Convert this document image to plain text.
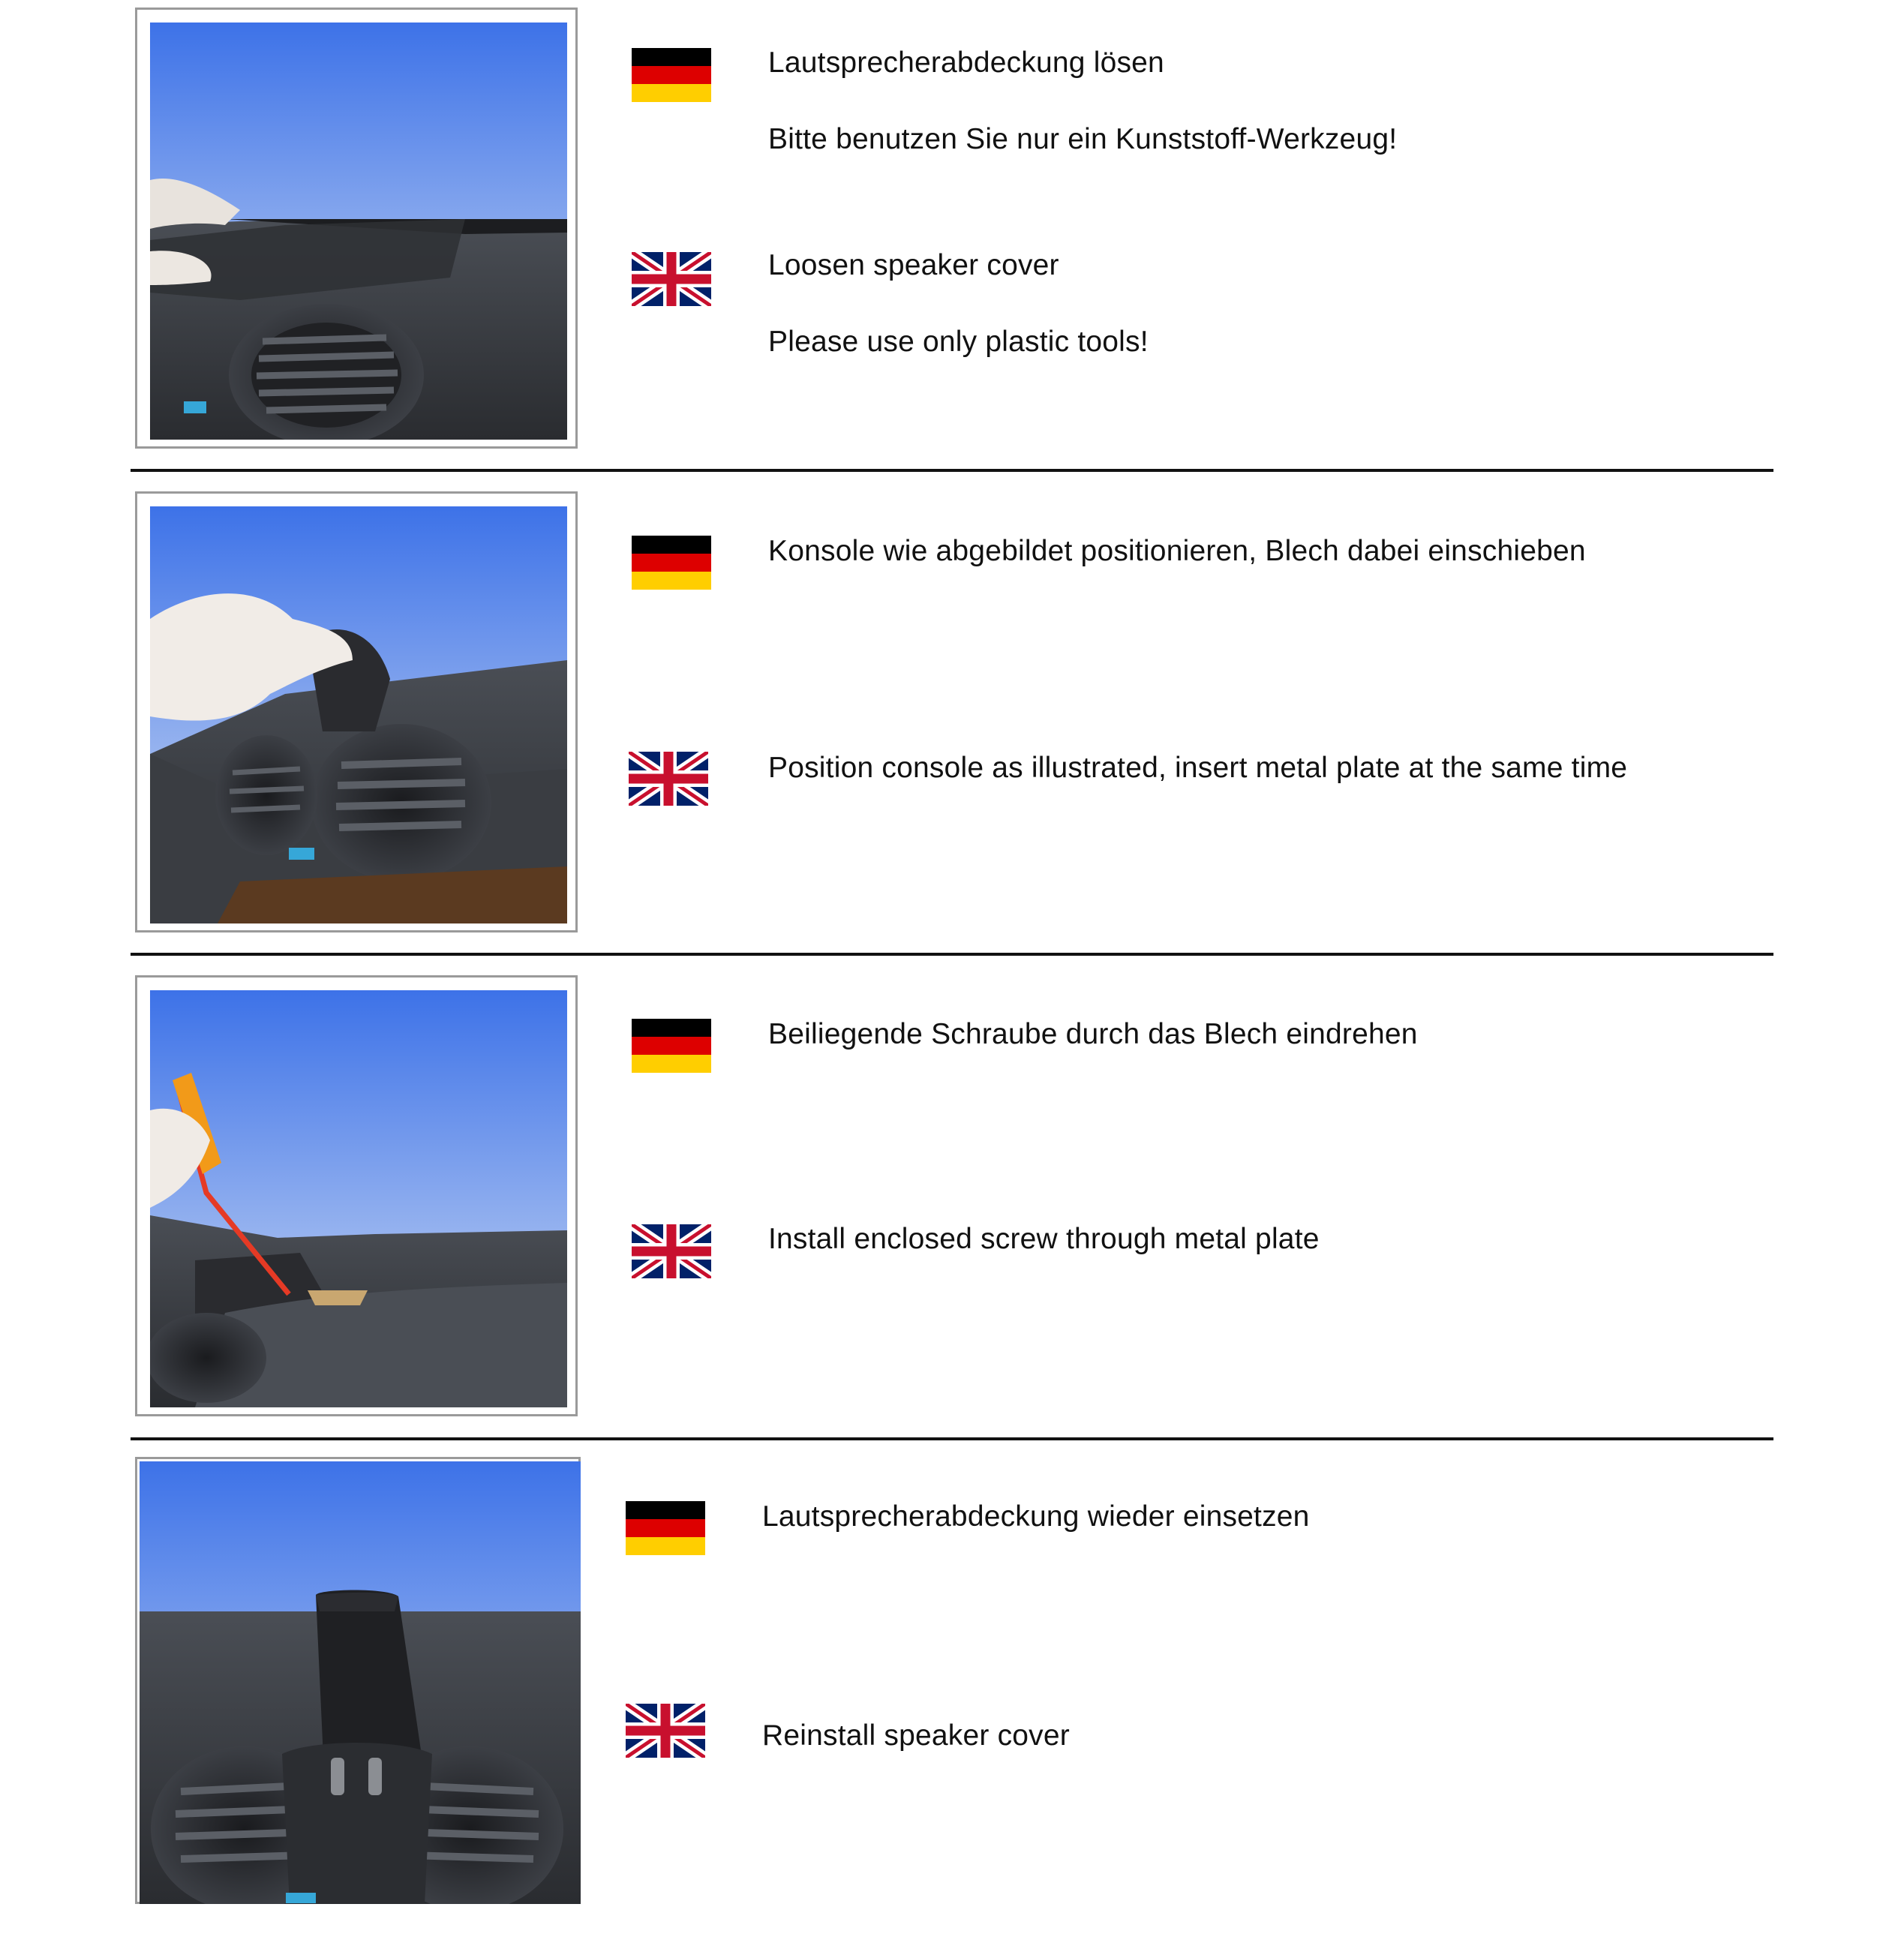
Lautsprecherabdeckung lösen
Bitte benutzen Sie nur ein Kunststoff-Werkzeug!
Loosen speaker cover
Please use only plastic tools!
Konsole wie abgebildet positionieren, Blech dabei einschieben
Position console as illustrated, insert metal plate at the same time
Beiliegende Schraube durch das Blech eindrehen
Install enclosed screw through metal plate
Lautsprecherabdeckung wieder einsetzen
Reinstall speaker cover
